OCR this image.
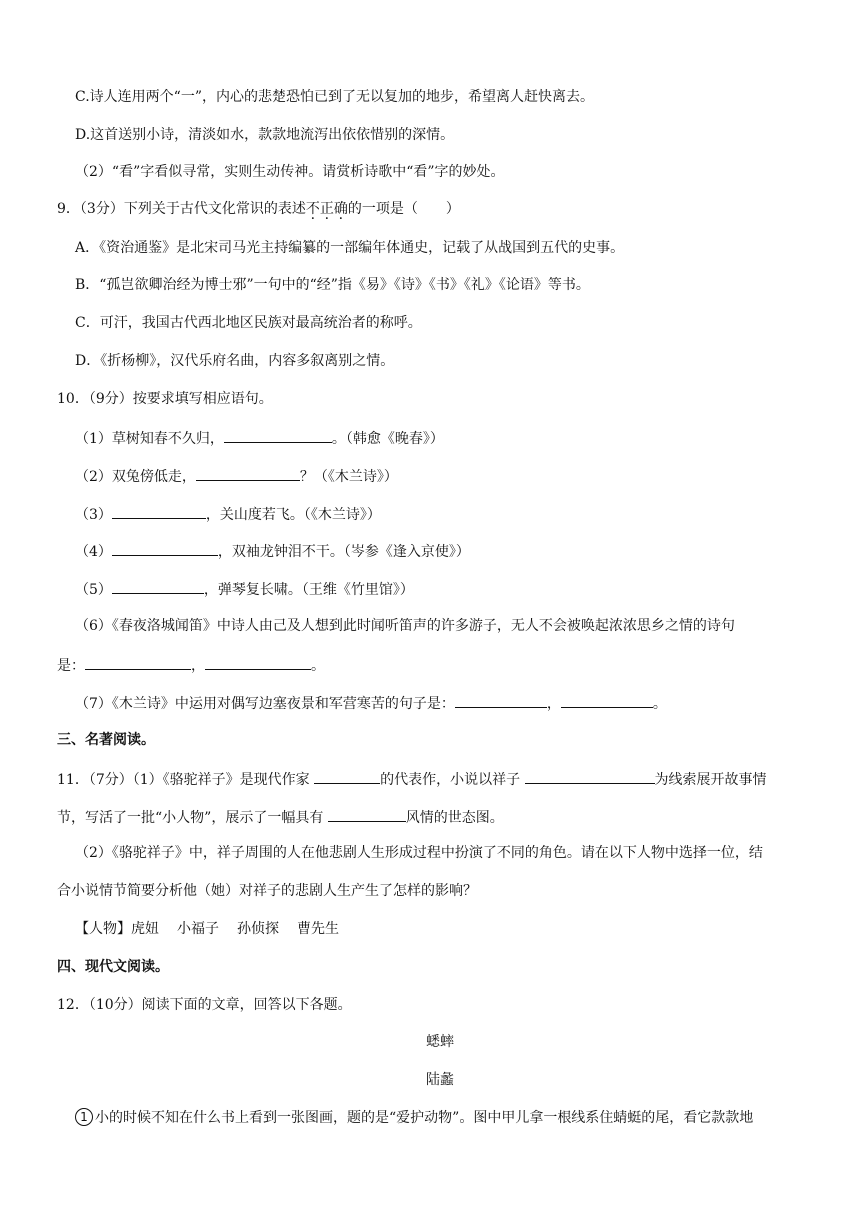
C.诗人连用两个“一”，内心的悲楚恐怕已到了无以复加的地步，希望离人赶快离去。
D.这首送别小诗，清淡如水，款款地流泻出依依惜别的深情。
（2）“看”字看似寻常，实则生动传神。请赏析诗歌中“看”字的妙处。
9．（3分）下列关于古代文化常识的表述不正确的一项是（　　）
A．《资治通鉴》是北宋司马光主持编纂的一部编年体通史，记载了从战国到五代的史事。
B．“孤岂欲卿治经为博士邪”一句中的“经”指《易》《诗》《书》《礼》《论语》等书。
C．可汗，我国古代西北地区民族对最高统治者的称呼。
D．《折杨柳》，汉代乐府名曲，内容多叙离别之情。
10．（9分）按要求填写相应语句。
（1）草树知春不久归，	。（韩愈《晚春》）
（2）双兔傍低走，	？（《木兰诗》）
（3）	，关山度若飞。（《木兰诗》）
（4）	，双袖龙钟泪不干。（岑参《逢入京使》）
（5）	，弹琴复长啸。（王维《竹里馆》）
（6）《春夜洛城闻笛》中诗人由己及人想到此时闻听笛声的许多游子，无人不会被唤起浓浓思乡之情的诗句
是：	，	。
（7）《木兰诗》中运用对偶写边塞夜景和军营寒苦的句子是：	，	。
三、名著阅读。
11．（7分）（1）《骆驼祥子》是现代作家	的代表作，小说以祥子	为线索展开故事情
节，写活了一批“小人物”，展示了一幅具有	风情的世态图。
（2）《骆驼祥子》中，祥子周围的人在他悲剧人生形成过程中扮演了不同的角色。请在以下人物中选择一位，结
合小说情节简要分析他（她）对祥子的悲剧人生产生了怎样的影响？
【人物】虎妞 小福子 孙侦探 曹先生
四、现代文阅读。
12．（10分）阅读下面的文章，回答以下各题。
蟋蟀
陆蠡
1 小的时候不知在什么书上看到一张图画，题的是“爱护动物”。图中甲儿拿一根线系住蜻蜓的尾，看它款款地
